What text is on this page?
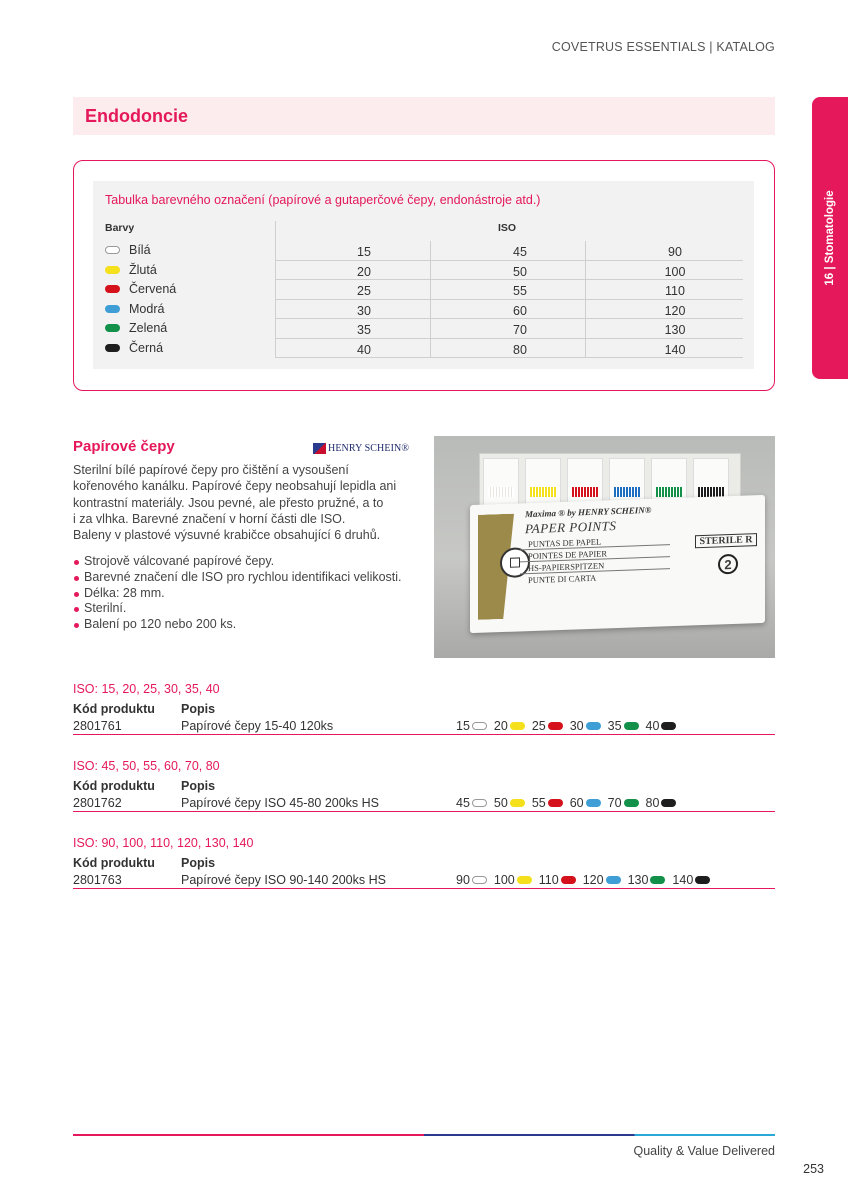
COVETRUS ESSENTIALS | KATALOG
Endodoncie
16 | Stomatologie
Tabulka barevného označení (papírové a gutaperčové čepy, endonástroje atd.)
Barvy	ISO
Bílá	15	45	90
Žlutá	20	50	100
Červená	25	55	110
Modrá	30	60	120
Zelená	35	70	130
Černá	40	80	140
Papírové čepy	HENRY SCHEIN®
Sterilní bílé papírové čepy pro čištění a vysoušení
kořenového kanálku. Papírové čepy neobsahují lepidla ani
kontrastní materiály. Jsou pevné, ale přesto pružné, a to
i za vlhka. Barevné značení v horní části dle ISO.
Baleny v plastové výsuvné krabičce obsahující 6 druhů.
Strojově válcované papírové čepy.
Barevné značení dle ISO pro rychlou identifikaci velikosti.
Délka: 28 mm.
Sterilní.
Balení po 120 nebo 200 ks.
Maxima ® by HENRY SCHEIN®
PAPER POINTS
PUNTAS DE PAPEL
POINTES DE PAPIER
HS-PAPIERSPITZEN
PUNTE DI CARTA
STERILE R
2
ISO: 15, 20, 25, 30, 35, 40
Kód produktu Popis
2801761	Papírové čepy 15-40 120ks	15 20 25 30 35 40
ISO: 45, 50, 55, 60, 70, 80
Kód produktu Popis
2801762	Papírové čepy ISO 45-80 200ks HS	45 50 55 60 70 80
ISO: 90, 100, 110, 120, 130, 140
Kód produktu Popis
2801763	Papírové čepy ISO 90-140 200ks HS	90 100 110 120 130 140
Quality & Value Delivered
253
